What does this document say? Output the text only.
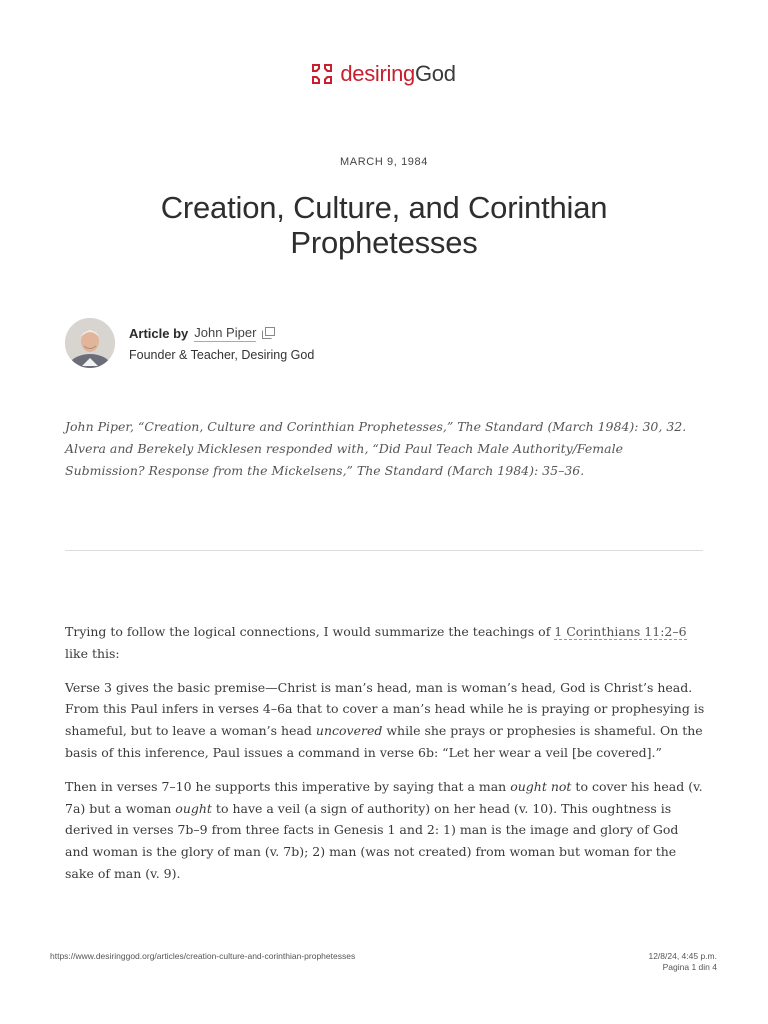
desiringGod
MARCH 9, 1984
Creation, Culture, and Corinthian Prophetesses
Article by John Piper
Founder & Teacher, Desiring God

John Piper, “Creation, Culture and Corinthian Prophetesses,” The Standard (March 1984): 30, 32. Alvera and Berekely Micklesen responded with, “Did Paul Teach Male Authority/Female Submission? Response from the Mickelsens,” The Standard (March 1984): 35–36.

Trying to follow the logical connections, I would summarize the teachings of 1 Corinthians 11:2–6 like this:

Verse 3 gives the basic premise—Christ is man’s head, man is woman’s head, God is Christ’s head. From this Paul infers in verses 4–6a that to cover a man’s head while he is praying or prophesying is shameful, but to leave a woman’s head uncovered while she prays or prophesies is shameful. On the basis of this inference, Paul issues a command in verse 6b: “Let her wear a veil [be covered].”

Then in verses 7–10 he supports this imperative by saying that a man ought not to cover his head (v. 7a) but a woman ought to have a veil (a sign of authority) on her head (v. 10). This oughtness is derived in verses 7b–9 from three facts in Genesis 1 and 2: 1) man is the image and glory of God and woman is the glory of man (v. 7b); 2) man (was not created) from woman but woman for the sake of man (v. 9).

https://www.desiringgod.org/articles/creation-culture-and-corinthian-prophetesses	12/8/24, 4:45 p.m.
Pagina 1 din 4
